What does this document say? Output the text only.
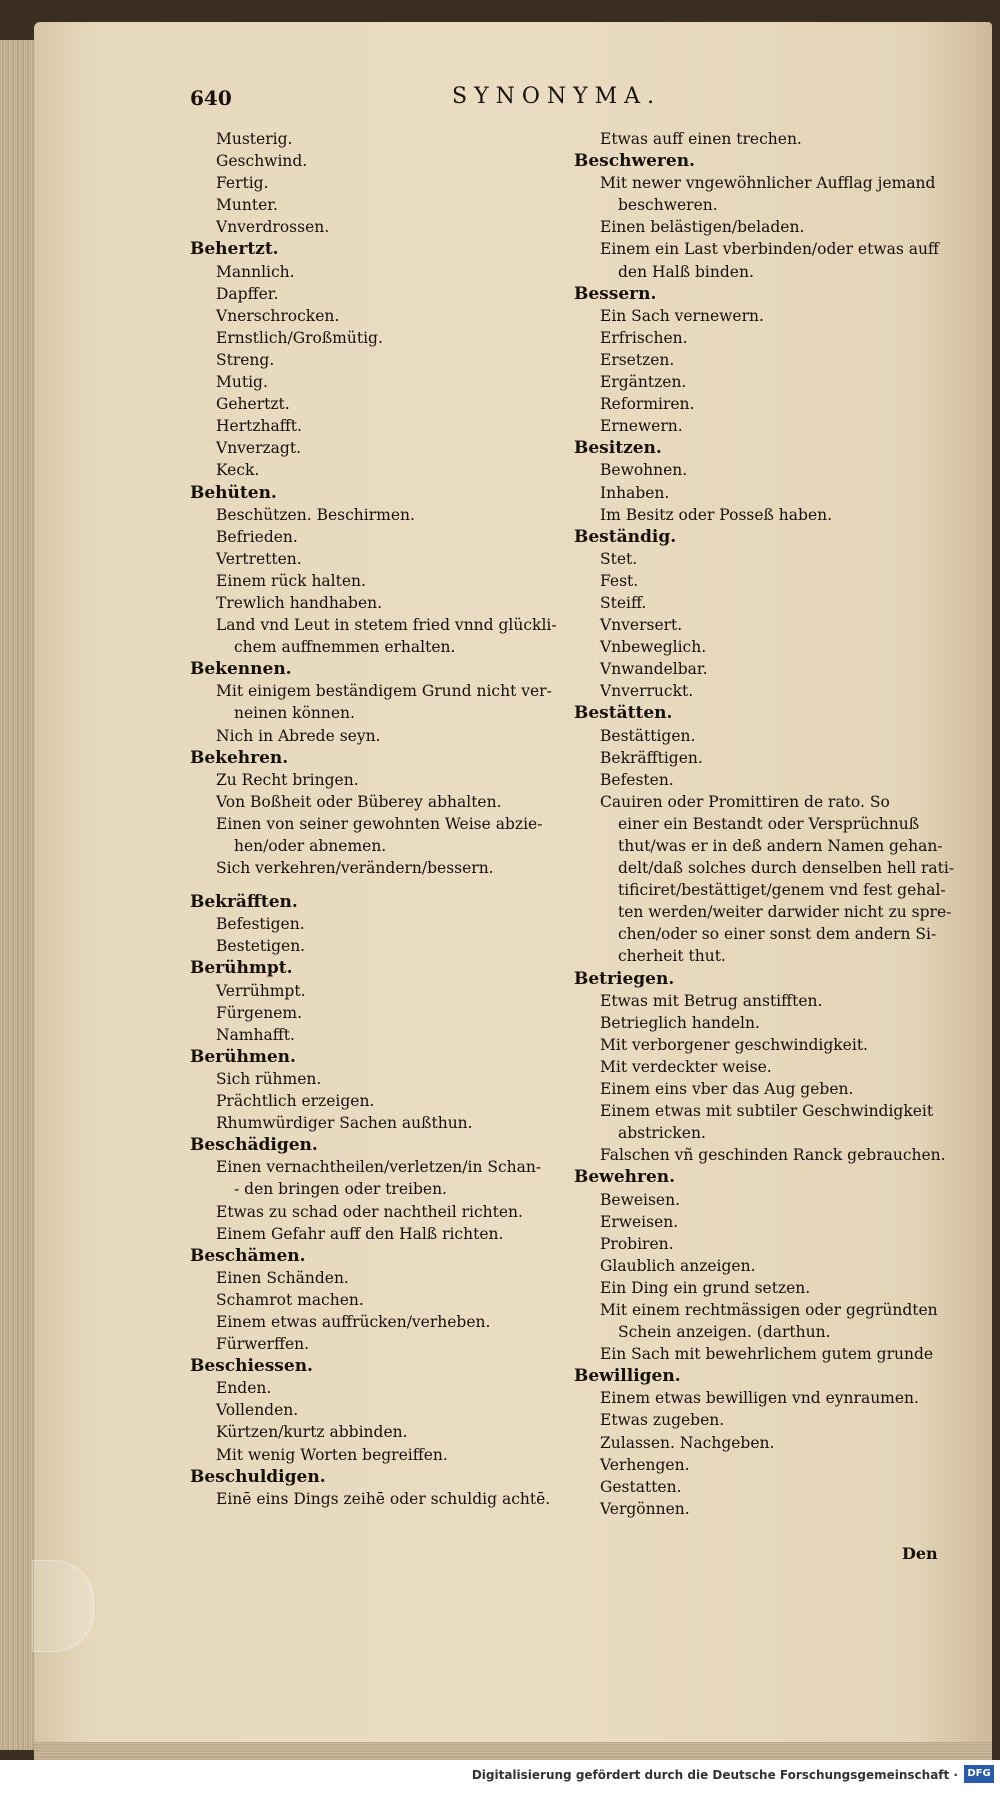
640	SYNONYMA.
Musterig.
Geschwind.
Fertig.
Munter.
Vnverdrossen.
Behertzt.
Mannlich.
Dapffer.
Vnerschrocken.
Ernstlich/Großmütig.
Streng.
Mutig.
Gehertzt.
Hertzhafft.
Vnverzagt.
Keck.
Behüten.
Beschützen. Beschirmen.
Befrieden.
Vertretten.
Einem rück halten.
Trewlich handhaben.
Land vnd Leut in stetem fried vnnd glückli-
chem auffnemmen erhalten.
Bekennen.
Mit einigem beständigem Grund nicht ver-
neinen können.
Nich in Abrede seyn.
Bekehren.
Zu Recht bringen.
Von Boßheit oder Büberey abhalten.
Einen von seiner gewohnten Weise abzie-
hen/oder abnemen.
Sich verkehren/verändern/bessern.
Bekräfften.
Befestigen.
Bestetigen.
Berühmpt.
Verrühmpt.
Fürgenem.
Namhafft.
Berühmen.
Sich rühmen.
Prächtlich erzeigen.
Rhumwürdiger Sachen außthun.
Beschädigen.
Einen vernachtheilen/verletzen/in Schan-
- den bringen oder treiben.
Etwas zu schad oder nachtheil richten.
Einem Gefahr auff den Halß richten.
Beschämen.
Einen Schänden.
Schamrot machen.
Einem etwas auffrücken/verheben.
Fürwerffen.
Beschiessen.
Enden.
Vollenden.
Kürtzen/kurtz abbinden.
Mit wenig Worten begreiffen.
Beschuldigen.
Einē eins Dings zeihē oder schuldig achtē.
Etwas auff einen trechen.
Beschweren.
Mit newer vngewöhnlicher Aufflag jemand
beschweren.
Einen belästigen/beladen.
Einem ein Last vberbinden/oder etwas auff
den Halß binden.
Bessern.
Ein Sach vernewern.
Erfrischen.
Ersetzen.
Ergäntzen.
Reformiren.
Ernewern.
Besitzen.
Bewohnen.
Inhaben.
Im Besitz oder Posseß haben.
Beständig.
Stet.
Fest.
Steiff.
Vnversert.
Vnbeweglich.
Vnwandelbar.
Vnverruckt.
Bestätten.
Bestättigen.
Bekräfftigen.
Befesten.
Cauiren oder Promittiren de rato. So
einer ein Bestandt oder Versprüchnuß
thut/was er in deß andern Namen gehan-
delt/daß solches durch denselben hell rati-
tificiret/bestättiget/genem vnd fest gehal-
ten werden/weiter darwider nicht zu spre-
chen/oder so einer sonst dem andern Si-
cherheit thut.
Betriegen.
Etwas mit Betrug anstifften.
Betrieglich handeln.
Mit verborgener geschwindigkeit.
Mit verdeckter weise.
Einem eins vber das Aug geben.
Einem etwas mit subtiler Geschwindigkeit
abstricken.
Falschen vñ geschinden Ranck gebrauchen.
Bewehren.
Beweisen.
Erweisen.
Probiren.
Glaublich anzeigen.
Ein Ding ein grund setzen.
Mit einem rechtmässigen oder gegründten
Schein anzeigen. (darthun.
Ein Sach mit bewehrlichem gutem grunde
Bewilligen.
Einem etwas bewilligen vnd eynraumen.
Etwas zugeben.
Zulassen. Nachgeben.
Verhengen.
Gestatten.
Vergönnen.
Den
Digitalisierung gefördert durch die Deutsche Forschungsgemeinschaft · DFG
